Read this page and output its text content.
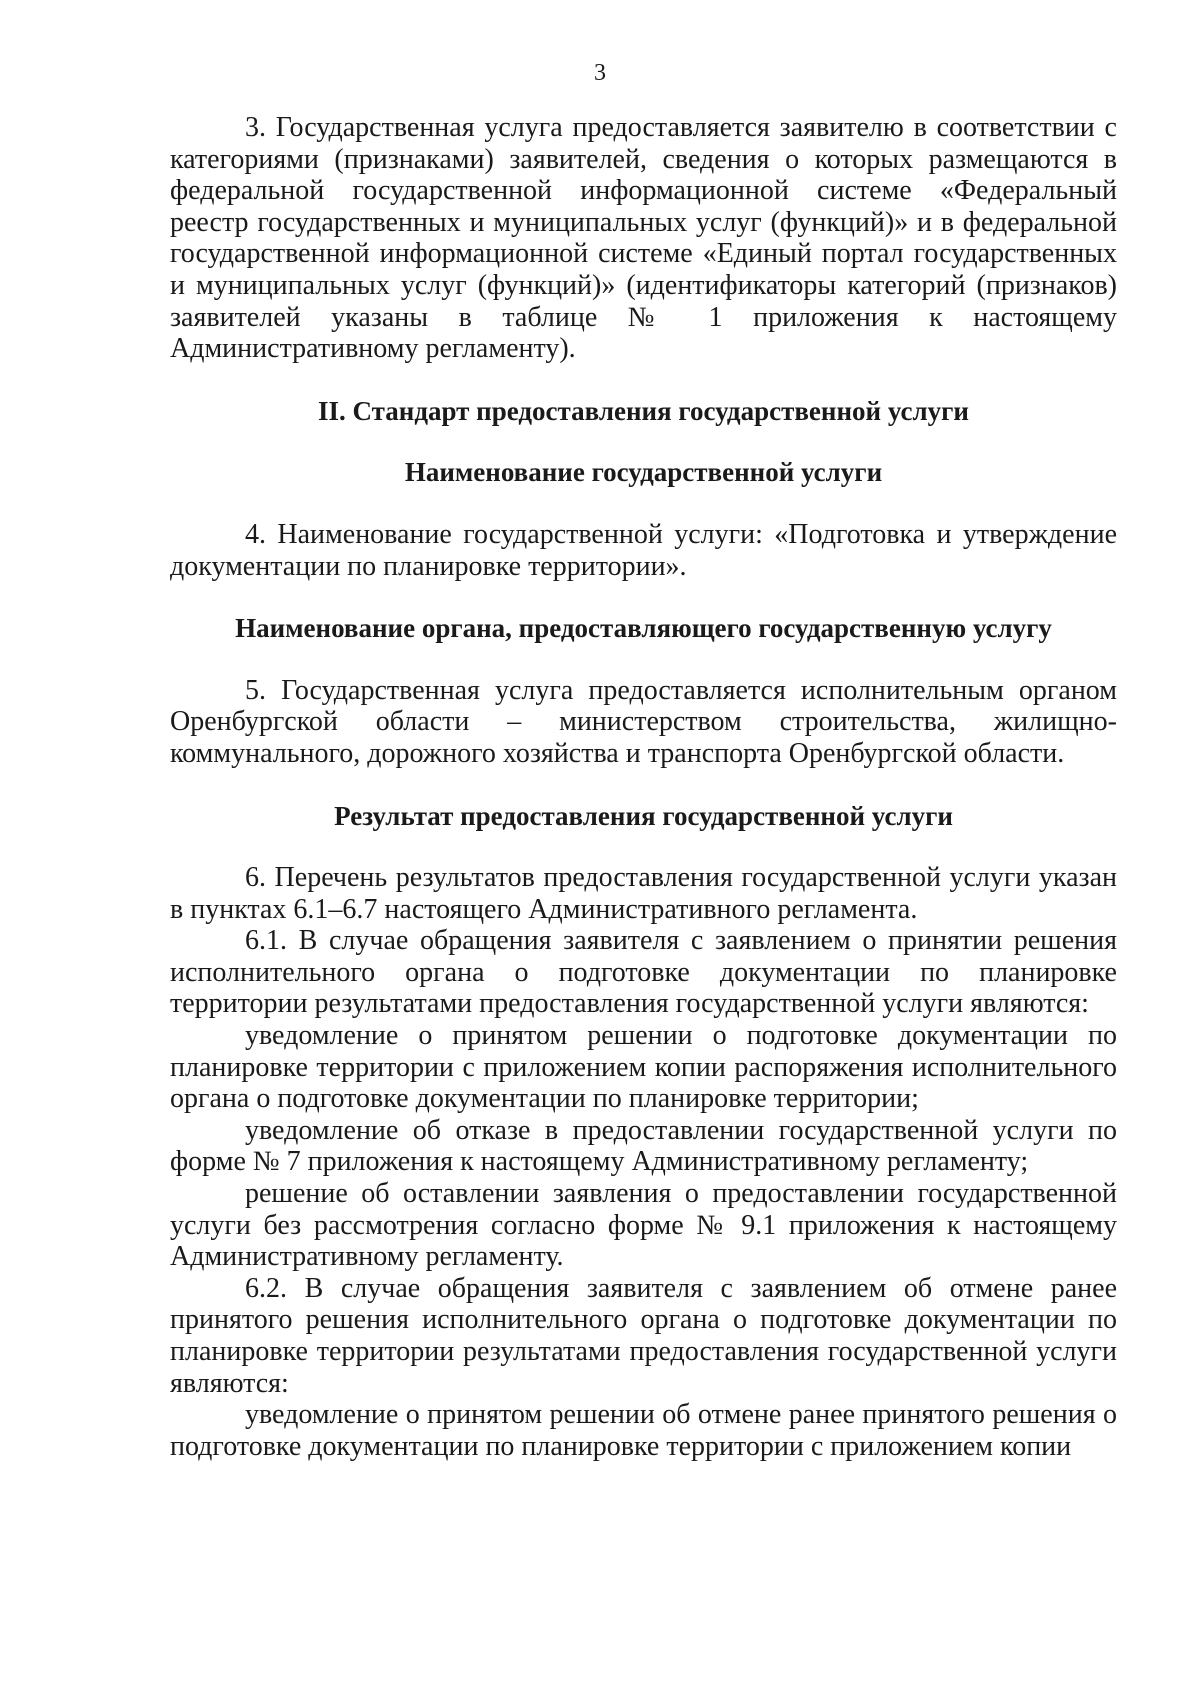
3

3. Государственная услуга предоставляется заявителю в соответствии с категориями (признаками) заявителей, сведения о которых размещаются в федеральной государственной информационной системе «Федеральный реестр государственных и муниципальных услуг (функций)» и в федеральной государственной информационной системе «Единый портал государственных и муниципальных услуг (функций)» (идентификаторы категорий (признаков) заявителей указаны в таблице № 1 приложения к настоящему Административному регламенту).

II. Стандарт предоставления государственной услуги
Наименование государственной услуги

4. Наименование государственной услуги: «Подготовка и утверждение документации по планировке территории».

Наименование органа, предоставляющего государственную услугу

5. Государственная услуга предоставляется исполнительным органом Оренбургской области – министерством строительства, жилищно-коммунального, дорожного хозяйства и транспорта Оренбургской области.

Результат предоставления государственной услуги

6. Перечень результатов предоставления государственной услуги указан в пунктах 6.1–6.7 настоящего Административного регламента.

6.1. В случае обращения заявителя с заявлением о принятии решения исполнительного органа о подготовке документации по планировке территории результатами предоставления государственной услуги являются:

уведомление о принятом решении о подготовке документации по планировке территории с приложением копии распоряжения исполнительного органа о подготовке документации по планировке территории;

уведомление об отказе в предоставлении государственной услуги по форме № 7 приложения к настоящему Административному регламенту;

решение об оставлении заявления о предоставлении государственной услуги без рассмотрения согласно форме № 9.1 приложения к настоящему Административному регламенту.

6.2. В случае обращения заявителя с заявлением об отмене ранее принятого решения исполнительного органа о подготовке документации по планировке территории результатами предоставления государственной услуги являются:

уведомление о принятом решении об отмене ранее принятого решения о подготовке документации по планировке территории с приложением копии
